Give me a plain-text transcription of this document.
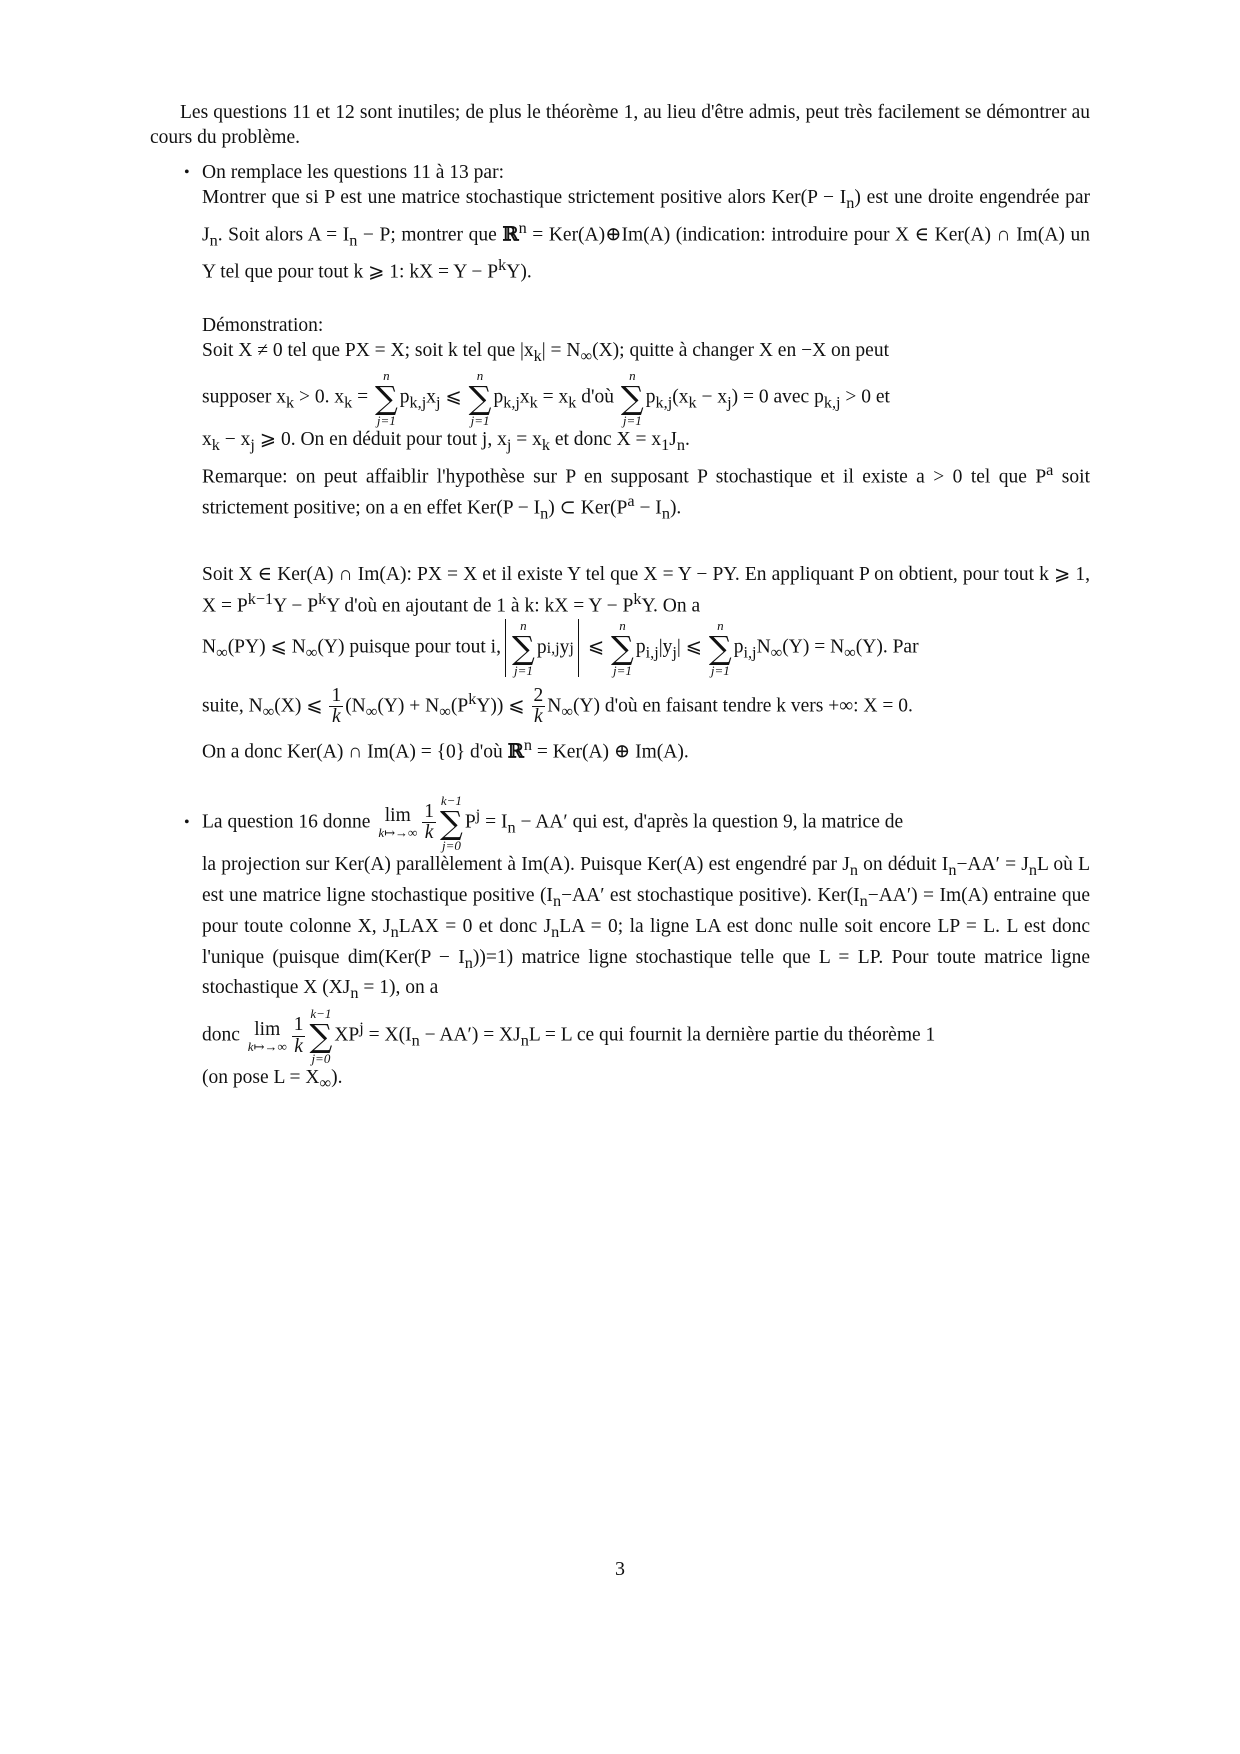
Les questions 11 et 12 sont inutiles; de plus le théorème 1, au lieu d'être admis, peut très facilement se démontrer au cours du problème.

• On remplace les questions 11 à 13 par:

Montrer que si P est une matrice stochastique strictement positive alors $Ker(P - I_n)$ est une droite engendrée par $J_n$. Soit alors $A = I_n - P$; montrer que ℝ$^n$ = Ker(A)⊕Im(A) (indication: introduire pour X ∈ Ker(A) ∩ Im(A) un Y tel que pour tout k ⩾ 1: kX = $Y - P^kY$).

Démonstration:

Soit X ≠ 0 tel que PX = X; soit k tel que $|x_k| = N_\infty(X)$; quitte à changer X en −X on peut

supposer $x_k > 0$. $x_k$ =
n
∑
j=1
$p_{k,j}x_j$ ⩽
n
∑
j=1
$p_{k,j}x_k = x_k$ d'où
n
∑
j=1
$p_{k,j}(x_k - x_j) = 0$ avec $p_{k,j} > 0$ et

$x_k - x_j$ ⩾ 0. On en déduit pour tout j, $x_j = x_k$ et donc $X = x_1J_n$.

Remarque: on peut affaiblir l'hypothèse sur P en supposant P stochastique et il existe a > 0 tel que $P^a$ soit strictement positive; on a en effet $Ker(P - I_n)$ ⊂ $Ker(P^a - I_n)$.

Soit X ∈ Ker(A) ∩ Im(A): PX = X et il existe Y tel que X = Y − PY. En appliquant P on obtient, pour tout k ⩾ 1, $X = P^{k-1}Y - P^kY$ d'où en ajoutant de 1 à k: kX = $Y - P^kY$. On a

$N_\infty(PY)$ ⩽ $N_\infty(Y)$ puisque pour tout i,
n
∑
j=1
p i,j y j ⩽
n
∑
j=1
$p_{i,j}|y_j|$ ⩽
n
∑
j=1
$p_{i,j}N_\infty(Y) = N_\infty(Y)$. Par

suite, $N_\infty(X)$ ⩽ $\frac{1}{k} (N_\infty(Y) + N_\infty(P^kY))$ ⩽ $\frac{2}{k} N_\infty(Y)$ d'où en faisant tendre k vers +∞: X = 0.

On a donc Ker(A) ∩ Im(A) = {0} d'où ℝ$^n$ = Ker(A) ⊕ Im(A).

• La question 16 donne lim
k↦→∞ $\frac{1}{k}$
k−1
∑
j=0
$P^j = I_n - AA'$ qui est, d'après la question 9, la matrice de

la projection sur Ker(A) parallèlement à Im(A). Puisque Ker(A) est engendré par $J_n$ on déduit $I_n-AA' = J_nL$ où L est une matrice ligne stochastique positive ($I_n-AA'$ est stochastique positive). $Ker(I_n-AA') = Im(A)$ entraine que pour toute colonne X, $J_nLAX = 0$ et donc $J_nLA = 0$; la ligne LA est donc nulle soit encore LP = L. L est donc l'unique (puisque $dim(Ker(P - I_n))=1$) matrice ligne stochastique telle que L = LP. Pour toute matrice ligne stochastique X $(XJ_n = 1)$, on a

donc lim
k↦→∞ $\frac{1}{k}$
k−1
∑
j=0
$XP^j = X(I_n - AA') = XJ_nL = L$ ce qui fournit la dernière partie du théorème 1

(on pose $L = X_\infty$).

3
